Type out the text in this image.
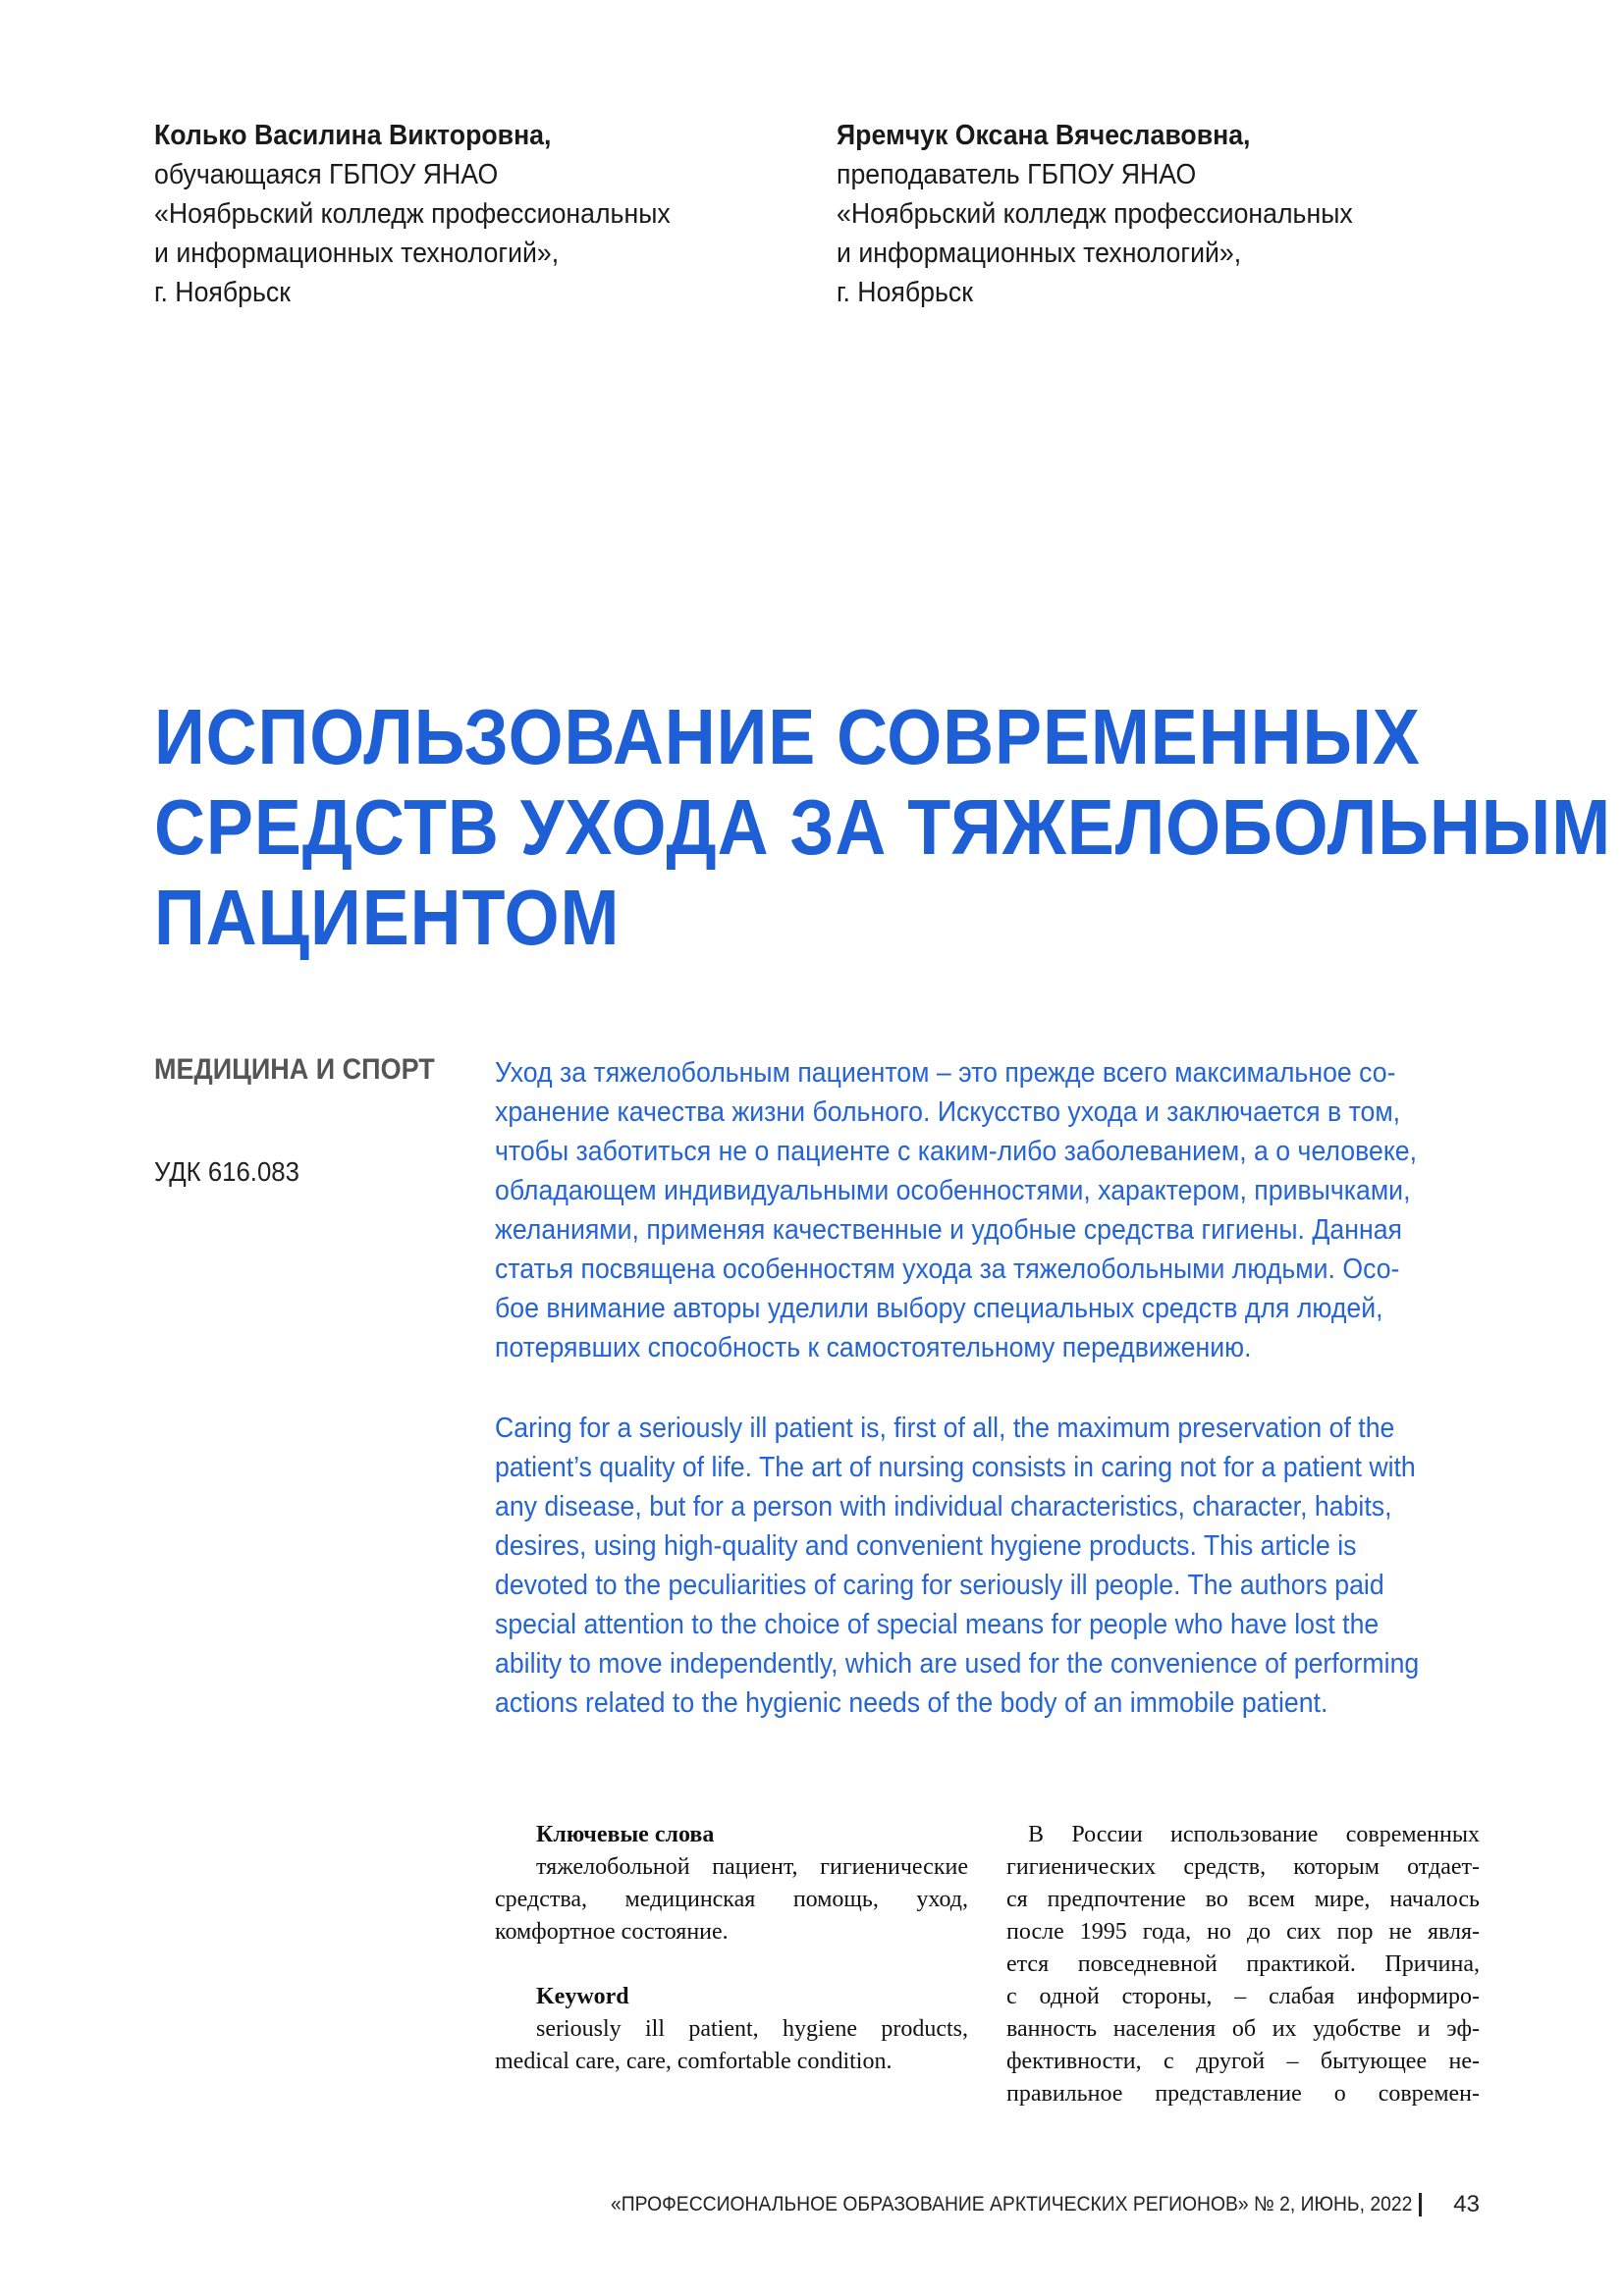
Колько Василина Викторовна,
обучающаяся ГБПОУ ЯНАО
«Ноябрьский колледж профессиональных
и информационных технологий»,
г. Ноябрьск
Яремчук Оксана Вячеславовна,
преподаватель ГБПОУ ЯНАО
«Ноябрьский колледж профессиональных
и информационных технологий»,
г. Ноябрьск
ИСПОЛЬЗОВАНИЕ СОВРЕМЕННЫХ
СРЕДСТВ УХОДА ЗА ТЯЖЕЛОБОЛЬНЫМ
ПАЦИЕНТОМ
МЕДИЦИНА И СПОРТ
УДК 616.083
Уход за тяжелобольным пациентом – это прежде всего максимальное со-
хранение качества жизни больного. Искусство ухода и заключается в том,
чтобы заботиться не о пациенте с каким-либо заболеванием, а о человеке,
обладающем индивидуальными особенностями, характером, привычками,
желаниями, применяя качественные и удобные средства гигиены. Данная
статья посвящена особенностям ухода за тяжелобольными людьми. Осо-
бое внимание авторы уделили выбору специальных средств для людей,
потерявших способность к самостоятельному передвижению.
Caring for a seriously ill patient is, first of all, the maximum preservation of the
patient’s quality of life. The art of nursing consists in caring not for a patient with
any disease, but for a person with individual characteristics, character, habits,
desires, using high-quality and convenient hygiene products. This article is
devoted to the peculiarities of caring for seriously ill people. The authors paid
special attention to the choice of special means for people who have lost the
ability to move independently, which are used for the convenience of performing
actions related to the hygienic needs of the body of an immobile patient.
Ключевые слова
тяжелобольной пациент, гигиенические средства, медицинская помощь, уход, комфортное состояние.
Keyword
seriously ill patient, hygiene products, medical care, care, comfortable condition.
В России использование современных
гигиенических средств, которым отдает-
ся предпочтение во всем мире, началось
после 1995 года, но до сих пор не явля-
ется повседневной практикой. Причина,
с одной стороны, – слабая информиро-
ванность населения об их удобстве и эф-
фективности, с другой – бытующее не-
правильное представление о современ-
«ПРОФЕССИОНАЛЬНОЕ ОБРАЗОВАНИЕ АРКТИЧЕСКИХ РЕГИОНОВ» № 2, ИЮНЬ, 2022 43
